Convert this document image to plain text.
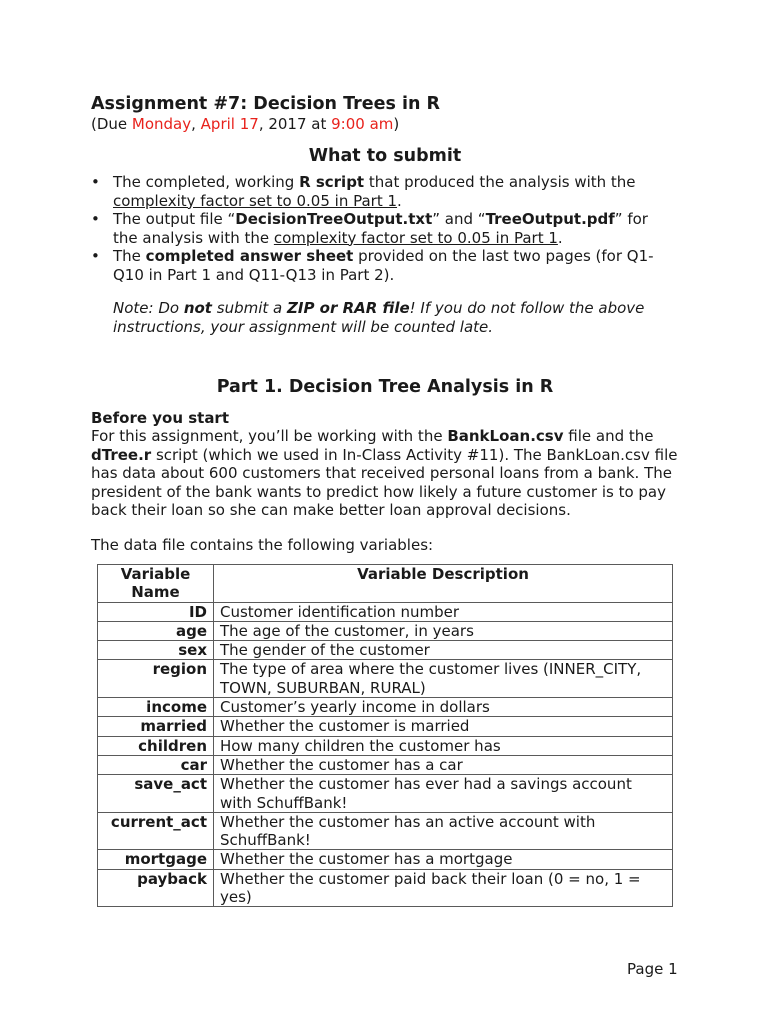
Assignment #7: Decision Trees in R

(Due Monday, April 17, 2017 at 9:00 am)

What to submit
• The completed, working R script that produced the analysis with the complexity factor set to 0.05 in Part 1.
• The output file “DecisionTreeOutput.txt” and “TreeOutput.pdf” for the analysis with the complexity factor set to 0.05 in Part 1.
• The completed answer sheet provided on the last two pages (for Q1-Q10 in Part 1 and Q11-Q13 in Part 2).

Note: Do not submit a ZIP or RAR file! If you do not follow the above instructions, your assignment will be counted late.

Part 1. Decision Tree Analysis in R

Before you start

For this assignment, you’ll be working with the BankLoan.csv file and the dTree.r script (which we used in In-Class Activity #11). The BankLoan.csv file has data about 600 customers that received personal loans from a bank. The president of the bank wants to predict how likely a future customer is to pay back their loan so she can make better loan approval decisions.

The data file contains the following variables:

Variable Name	Variable Description
ID	Customer identification number
age	The age of the customer, in years
sex	The gender of the customer
region	The type of area where the customer lives (INNER_CITY, TOWN, SUBURBAN, RURAL)
income	Customer’s yearly income in dollars
married	Whether the customer is married
children	How many children the customer has
car	Whether the customer has a car
save_act	Whether the customer has ever had a savings account with SchuffBank!
current_act	Whether the customer has an active account with SchuffBank!
mortgage	Whether the customer has a mortgage
payback	Whether the customer paid back their loan (0 = no, 1 = yes)

Page 1
